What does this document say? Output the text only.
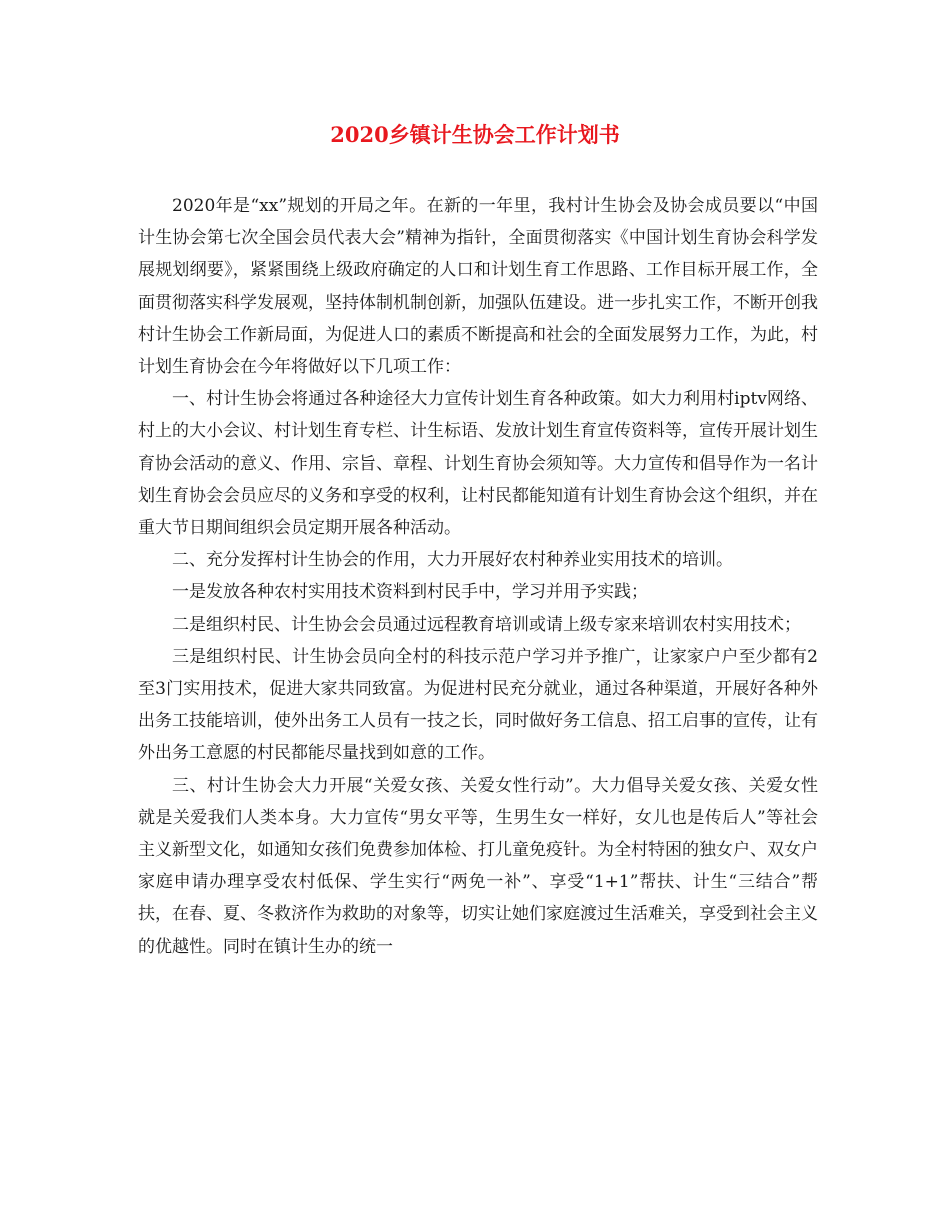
2020乡镇计生协会工作计划书

2020年是“xx”规划的开局之年。在新的一年里，我村计生协会及协会成员要以“中国计生协会第七次全国会员代表大会”精神为指针，全面贯彻落实《中国计划生育协会科学发展规划纲要》，紧紧围绕上级政府确定的人口和计划生育工作思路、工作目标开展工作，全面贯彻落实科学发展观，坚持体制机制创新，加强队伍建设。进一步扎实工作，不断开创我村计生协会工作新局面，为促进人口的素质不断提高和社会的全面发展努力工作，为此，村计划生育协会在今年将做好以下几项工作：

一、村计生协会将通过各种途径大力宣传计划生育各种政策。如大力利用村iptv网络、村上的大小会议、村计划生育专栏、计生标语、发放计划生育宣传资料等，宣传开展计划生育协会活动的意义、作用、宗旨、章程、计划生育协会须知等。大力宣传和倡导作为一名计划生育协会会员应尽的义务和享受的权利，让村民都能知道有计划生育协会这个组织，并在重大节日期间组织会员定期开展各种活动。

二、充分发挥村计生协会的作用，大力开展好农村种养业实用技术的培训。

一是发放各种农村实用技术资料到村民手中，学习并用予实践；

二是组织村民、计生协会会员通过远程教育培训或请上级专家来培训农村实用技术；

三是组织村民、计生协会员向全村的科技示范户学习并予推广，让家家户户至少都有2至3门实用技术，促进大家共同致富。为促进村民充分就业，通过各种渠道，开展好各种外出务工技能培训，使外出务工人员有一技之长，同时做好务工信息、招工启事的宣传，让有外出务工意愿的村民都能尽量找到如意的工作。

三、村计生协会大力开展“关爱女孩、关爱女性行动”。大力倡导关爱女孩、关爱女性就是关爱我们人类本身。大力宣传“男女平等，生男生女一样好，女儿也是传后人”等社会主义新型文化，如通知女孩们免费参加体检、打儿童免疫针。为全村特困的独女户、双女户家庭申请办理享受农村低保、学生实行“两免一补”、享受“1+1”帮扶、计生“三结合”帮扶，在春、夏、冬救济作为救助的对象等，切实让她们家庭渡过生活难关，享受到社会主义的优越性。同时在镇计生办的统一
